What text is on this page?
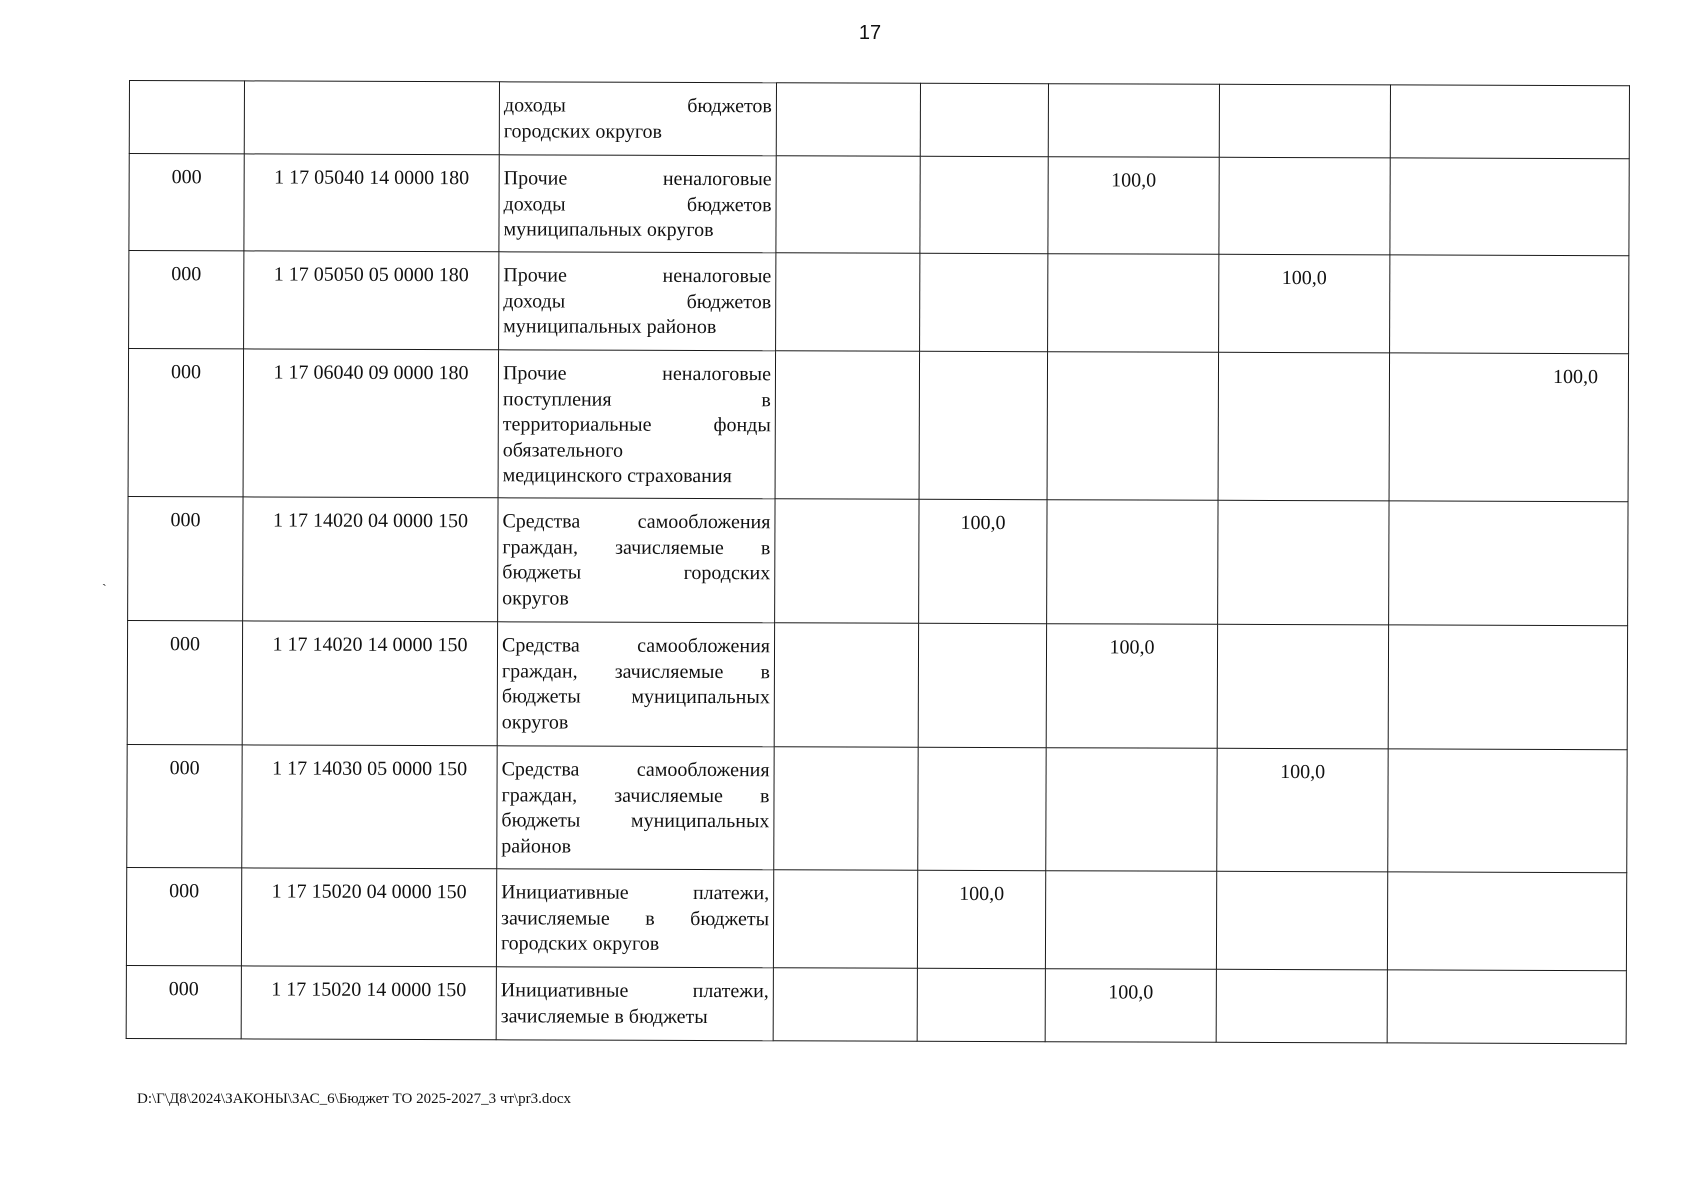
17

		доходы бюджетов
городских округов					

000	1 17 05040 14 0000 180	Прочие неналоговые
доходы бюджетов
муниципальных округов			100,0		
000	1 17 05050 05 0000 180	Прочие неналоговые
доходы бюджетов
муниципальных районов				100,0	
000	1 17 06040 09 0000 180	Прочие неналоговые
поступления в
территориальные фонды
обязательного
медицинского страхования					100,0
000	1 17 14020 04 0000 150	Средства самообложения
граждан, зачисляемые в
бюджеты городских
округов		100,0			
000	1 17 14020 14 0000 150	Средства самообложения
граждан, зачисляемые в
бюджеты муниципальных
округов			100,0		
000	1 17 14030 05 0000 150	Средства самообложения
граждан, зачисляемые в
бюджеты муниципальных
районов				100,0	
000	1 17 15020 04 0000 150	Инициативные платежи,
зачисляемые в бюджеты
городских округов		100,0			
000	1 17 15020 14 0000 150	Инициативные платежи,
зачисляемые в бюджеты			100,0		
ˏ
D:\Г\Д8\2024\ЗАКОНЫ\ЗАС_6\Бюджет ТО 2025-2027_3 чт\pr3.docx
